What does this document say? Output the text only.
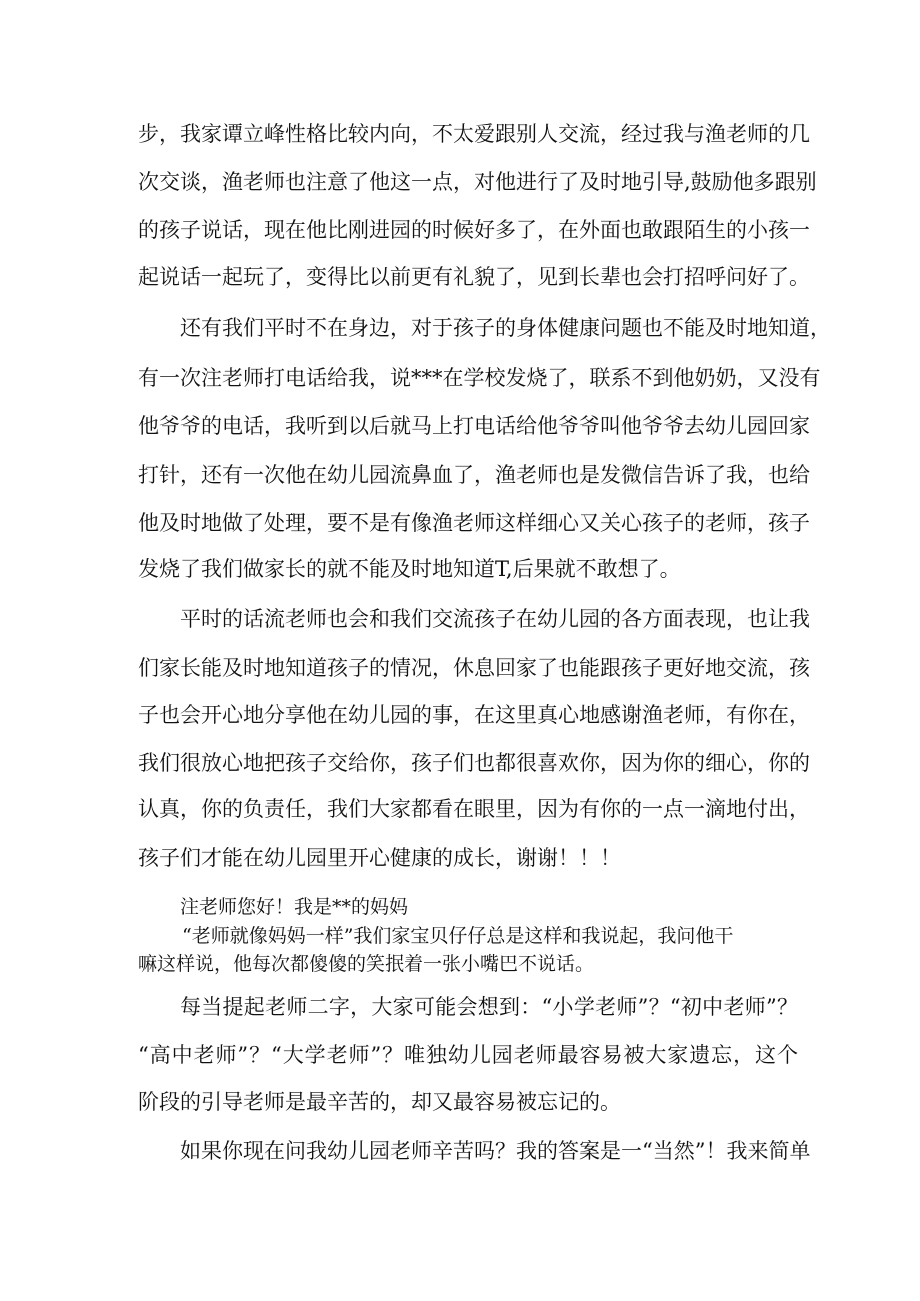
步，我家谭立峰性格比较内向，不太爱跟别人交流，经过我与渔老师的几
次交谈，渔老师也注意了他这一点，对他进行了及时地引导,鼓励他多跟别
的孩子说话，现在他比刚进园的时候好多了，在外面也敢跟陌生的小孩一
起说话一起玩了，变得比以前更有礼貌了，见到长辈也会打招呼问好了。
还有我们平时不在身边，对于孩子的身体健康问题也不能及时地知道，
有一次注老师打电话给我，说***在学校发烧了，联系不到他奶奶，又没有
他爷爷的电话，我听到以后就马上打电话给他爷爷叫他爷爷去幼儿园回家
打针，还有一次他在幼儿园流鼻血了，渔老师也是发微信告诉了我，也给
他及时地做了处理，要不是有像渔老师这样细心又关心孩子的老师，孩子
发烧了我们做家长的就不能及时地知道T,后果就不敢想了。
平时的话流老师也会和我们交流孩子在幼儿园的各方面表现，也让我
们家长能及时地知道孩子的情况，休息回家了也能跟孩子更好地交流，孩
子也会开心地分享他在幼儿园的事，在这里真心地感谢渔老师，有你在，
我们很放心地把孩子交给你，孩子们也都很喜欢你，因为你的细心，你的
认真，你的负责任，我们大家都看在眼里，因为有你的一点一滴地付出，
孩子们才能在幼儿园里开心健康的成长，谢谢！！！
注老师您好！我是**的妈妈
“老师就像妈妈一样”我们家宝贝仔仔总是这样和我说起，我问他干
嘛这样说，他每次都傻傻的笑抿着一张小嘴巴不说话。
每当提起老师二字，大家可能会想到：“小学老师”？“初中老师”？
“高中老师”？“大学老师”？唯独幼儿园老师最容易被大家遗忘，这个
阶段的引导老师是最辛苦的，却又最容易被忘记的。
如果你现在问我幼儿园老师辛苦吗？我的答案是一“当然”！我来简单
